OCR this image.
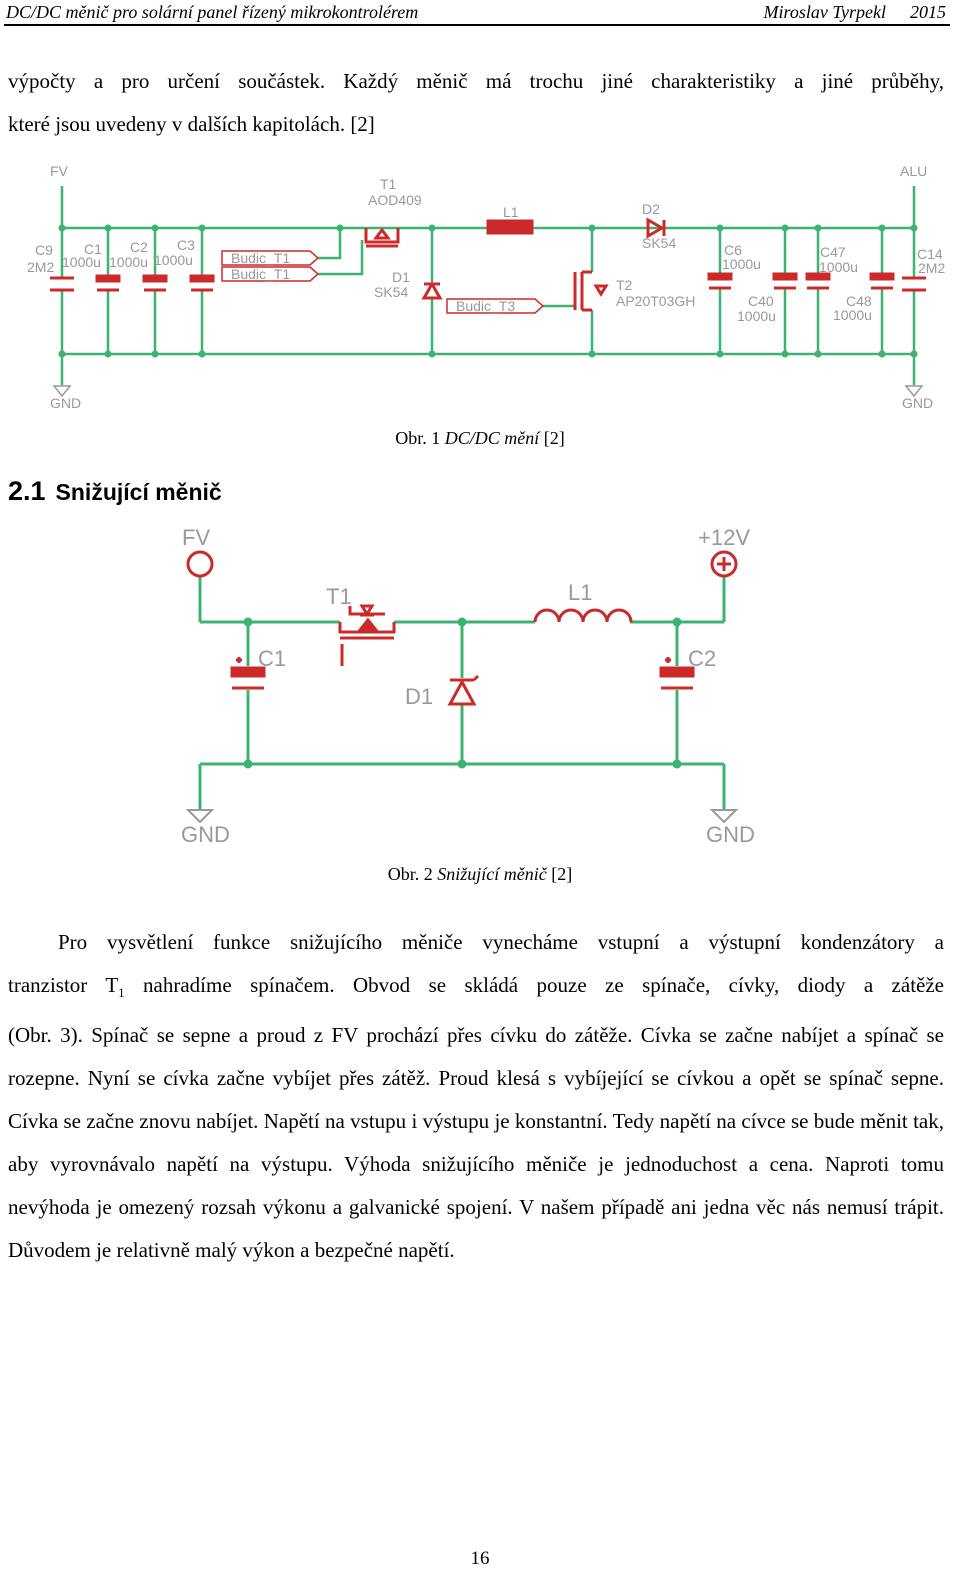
DC/DC měnič pro solární panel řízený mikrokontrolérem	Miroslav Tyrpekl 2015
výpočty a pro určení součástek. Každý měnič má trochu jiné charakteristiky a jiné průběhy,
které jsou uvedeny v dalších kapitolách. [2]
FV	ALU
GND	GND
C9
2M2
C1
1000u
C2
1000u
C3
1000u	Budic_T1
Budic_T1
T1
AOD409
D1
SK54
L1
Budic_T3
D2
SK54
T2
AP20T03GH
C6
1000u
C40
1000u
C47
1000u
C48
1000u
C14
2M2
Obr. 1 DC/DC mění [2]
2.1 Snižující měnič
FV	+12V
T1	L1
C1	C2
D1
GND	GND
Obr. 2 Snižující měnič [2]
Pro vysvětlení funkce snižujícího měniče vynecháme vstupní a výstupní kondenzátory a
tranzistor $T_1$ nahradíme spínačem. Obvod se skládá pouze ze spínače, cívky, diody a zátěže
(Obr. 3). Spínač se sepne a proud z FV prochází přes cívku do zátěže. Cívka se začne nabíjet a spínač se rozepne. Nyní se cívka začne vybíjet přes zátěž. Proud klesá s vybíjející se cívkou a opět se spínač sepne. Cívka se začne znovu nabíjet. Napětí na vstupu i výstupu je konstantní. Tedy napětí na cívce se bude měnit tak, aby vyrovnávalo napětí na výstupu. Výhoda snižujícího měniče je jednoduchost a cena. Naproti tomu nevýhoda je omezený rozsah výkonu a galvanické spojení. V našem případě ani jedna věc nás nemusí trápit. Důvodem je relativně malý výkon a bezpečné napětí.
16
